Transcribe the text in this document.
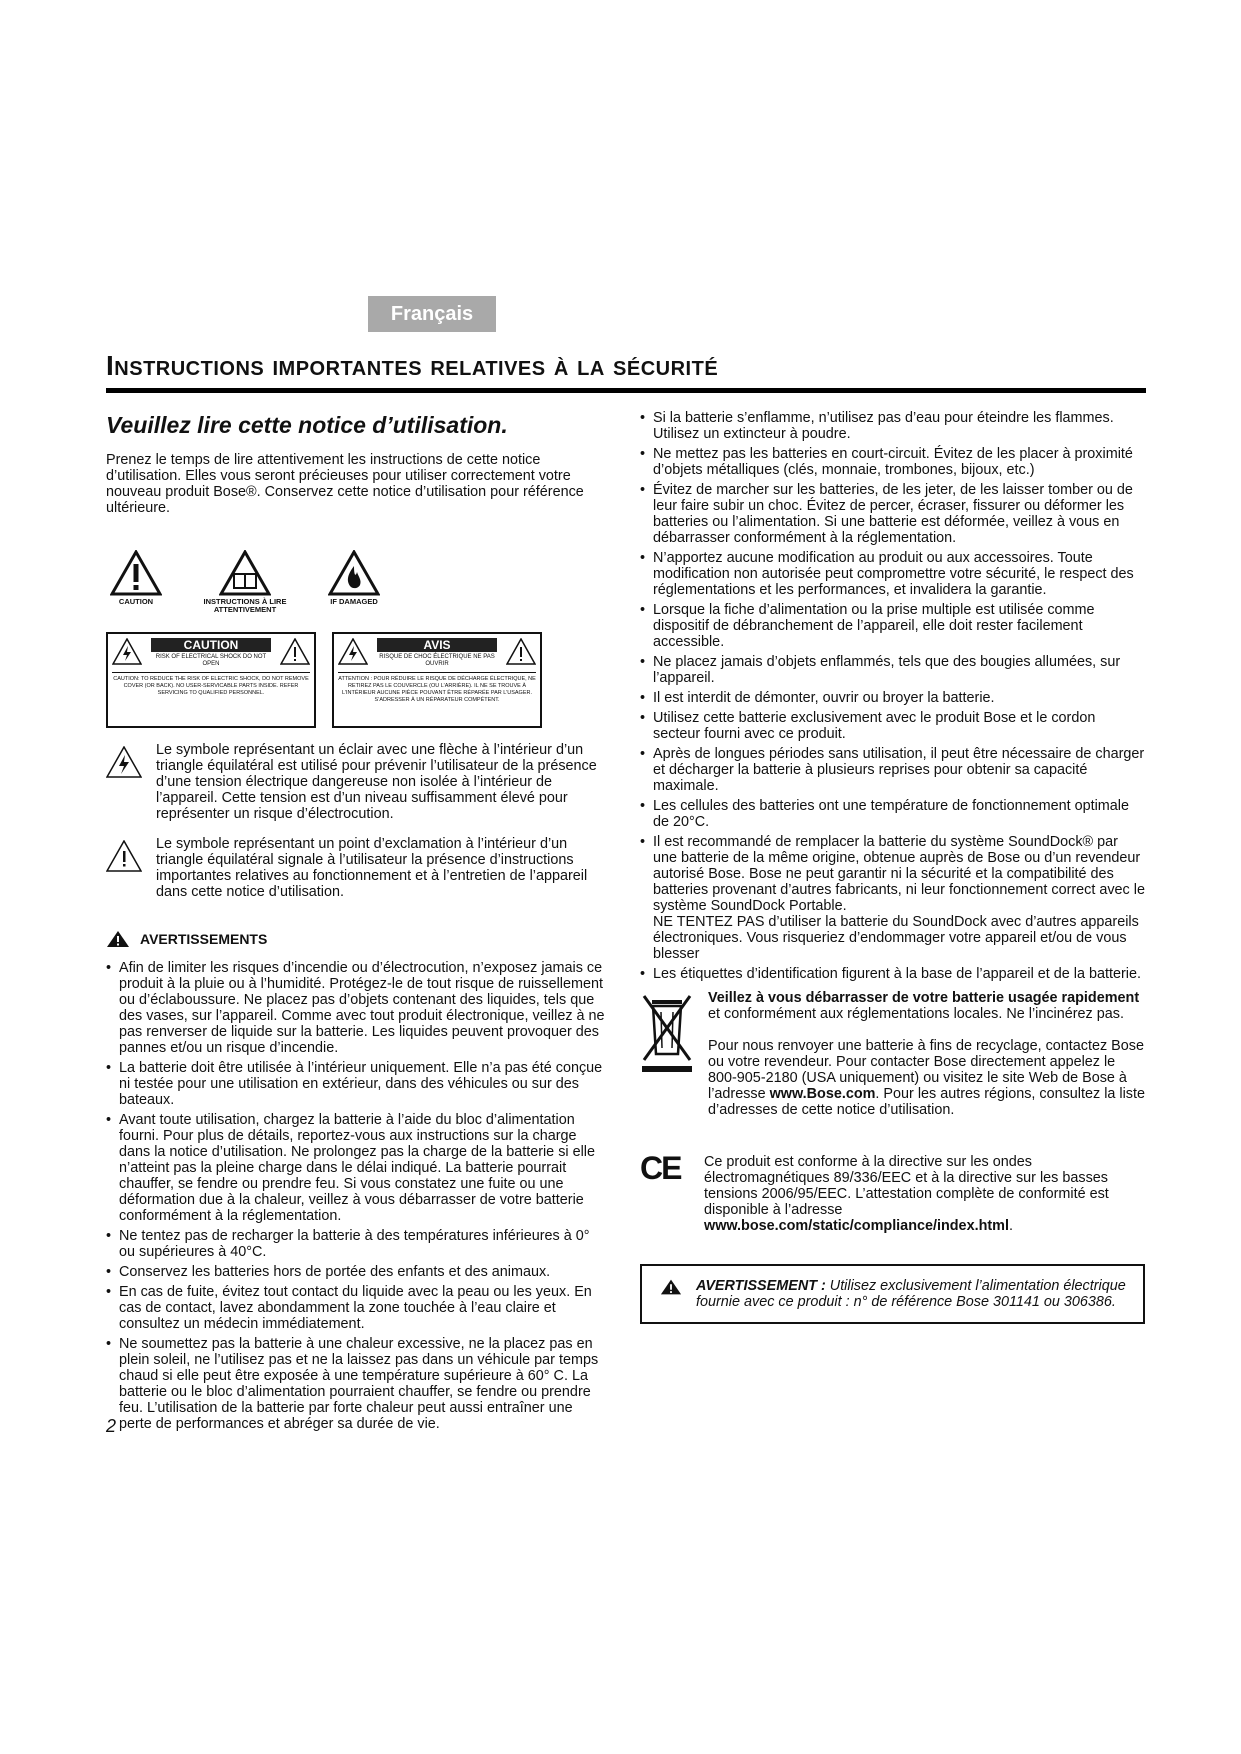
Français
Instructions importantes relatives à la sécurité
Veuillez lire cette notice d’utilisation.

Prenez le temps de lire attentivement les instructions de cette notice d’utilisation. Elles vous seront précieuses pour utiliser correctement votre nouveau produit Bose®. Conservez cette notice d’utilisation pour référence ultérieure.

CAUTION	INSTRUCTIONS À LIRE ATTENTIVEMENT
IF DAMAGED
CAUTION
RISK OF ELECTRICAL SHOCK DO NOT OPEN
CAUTION: TO REDUCE THE RISK OF ELECTRIC SHOCK, DO NOT REMOVE COVER (OR BACK). NO USER-SERVICABLE PARTS INSIDE. REFER SERVICING TO QUALIFIED PERSONNEL.
AVIS
RISQUE DE CHOC ÉLECTRIQUE NE PAS OUVRIR
ATTENTION : POUR RÉDUIRE LE RISQUE DE DÉCHARGE ÉLECTRIQUE, NE RETIREZ PAS LE COUVERCLE (OU L’ARRIÈRE). IL NE SE TROUVE À L’INTÉRIEUR AUCUNE PIÈCE POUVANT ÊTRE RÉPARÉE PAR L’USAGER. S’ADRESSER À UN RÉPARATEUR COMPÉTENT.

Le symbole représentant un éclair avec une flèche à l’intérieur d’un triangle équilatéral est utilisé pour prévenir l’utilisateur de la présence d’une tension électrique dangereuse non isolée à l’intérieur de l’appareil. Cette tension est d’un niveau suffisamment élevé pour représenter un risque d’électrocution.

Le symbole représentant un point d’exclamation à l’intérieur d’un triangle équilatéral signale à l’utilisateur la présence d’instructions importantes relatives au fonctionnement et à l’entretien de l’appareil dans cette notice d’utilisation.

AVERTISSEMENTS
• Afin de limiter les risques d’incendie ou d’électrocution, n’exposez jamais ce produit à la pluie ou à l’humidité. Protégez-le de tout risque de ruissellement ou d’éclaboussure. Ne placez pas d’objets contenant des liquides, tels que des vases, sur l’appareil. Comme avec tout produit électronique, veillez à ne pas renverser de liquide sur la batterie. Les liquides peuvent provoquer des pannes et/ou un risque d’incendie.
• La batterie doit être utilisée à l’intérieur uniquement. Elle n’a pas été conçue ni testée pour une utilisation en extérieur, dans des véhicules ou sur des bateaux.
• Avant toute utilisation, chargez la batterie à l’aide du bloc d’alimentation fourni. Pour plus de détails, reportez-vous aux instructions sur la charge dans la notice d’utilisation. Ne prolongez pas la charge de la batterie si elle n’atteint pas la pleine charge dans le délai indiqué. La batterie pourrait chauffer, se fendre ou prendre feu. Si vous constatez une fuite ou une déformation due à la chaleur, veillez à vous débarrasser de votre batterie conformément à la réglementation.
• Ne tentez pas de recharger la batterie à des températures inférieures à 0° ou supérieures à 40°C.
• Conservez les batteries hors de portée des enfants et des animaux.
• En cas de fuite, évitez tout contact du liquide avec la peau ou les yeux. En cas de contact, lavez abondamment la zone touchée à l’eau claire et consultez un médecin immédiatement.
• Ne soumettez pas la batterie à une chaleur excessive, ne la placez pas en plein soleil, ne l’utilisez pas et ne la laissez pas dans un véhicule par temps chaud si elle peut être exposée à une température supérieure à 60° C. La batterie ou le bloc d’alimentation pourraient chauffer, se fendre ou prendre feu. L’utilisation de la batterie par forte chaleur peut aussi entraîner une perte de performances et abréger sa durée de vie.
2
• Si la batterie s’enflamme, n’utilisez pas d’eau pour éteindre les flammes. Utilisez un extincteur à poudre.
• Ne mettez pas les batteries en court-circuit. Évitez de les placer à proximité d’objets métalliques (clés, monnaie, trombones, bijoux, etc.)
• Évitez de marcher sur les batteries, de les jeter, de les laisser tomber ou de leur faire subir un choc. Évitez de percer, écraser, fissurer ou déformer les batteries ou l’alimentation. Si une batterie est déformée, veillez à vous en débarrasser conformément à la réglementation.
• N’apportez aucune modification au produit ou aux accessoires. Toute modification non autorisée peut compromettre votre sécurité, le respect des réglementations et les performances, et invalidera la garantie.
• Lorsque la fiche d’alimentation ou la prise multiple est utilisée comme dispositif de débranchement de l’appareil, elle doit rester facilement accessible.
• Ne placez jamais d’objets enflammés, tels que des bougies allumées, sur l’appareil.
• Il est interdit de démonter, ouvrir ou broyer la batterie.
• Utilisez cette batterie exclusivement avec le produit Bose et le cordon secteur fourni avec ce produit.
• Après de longues périodes sans utilisation, il peut être nécessaire de charger et décharger la batterie à plusieurs reprises pour obtenir sa capacité maximale.
• Les cellules des batteries ont une température de fonctionnement optimale de 20°C.
• Il est recommandé de remplacer la batterie du système SoundDock® par une batterie de la même origine, obtenue auprès de Bose ou d’un revendeur autorisé Bose. Bose ne peut garantir ni la sécurité et la compatibilité des batteries provenant d’autres fabricants, ni leur fonctionnement correct avec le système SoundDock Portable.
NE TENTEZ PAS d’utiliser la batterie du SoundDock avec d’autres appareils électroniques. Vous risqueriez d’endommager votre appareil et/ou de vous blesser
• Les étiquettes d’identification figurent à la base de l’appareil et de la batterie.

Veillez à vous débarrasser de votre batterie usagée rapidement et conformément aux réglementations locales. Ne l’incinérez pas.

Pour nous renvoyer une batterie à fins de recyclage, contactez Bose ou votre revendeur. Pour contacter Bose directement appelez le 800-905-2180 (USA uniquement) ou visitez le site Web de Bose à l’adresse www.Bose.com. Pour les autres régions, consultez la liste d’adresses de cette notice d’utilisation.

CE	Ce produit est conforme à la directive sur les ondes électromagnétiques 89/336/EEC et à la directive sur les basses tensions 2006/95/EEC. L’attestation complète de conformité est disponible à l’adresse
www.bose.com/static/compliance/index.html.

AVERTISSEMENT : Utilisez exclusivement l’alimentation électrique fournie avec ce produit : n° de référence Bose 301141 ou 306386.
